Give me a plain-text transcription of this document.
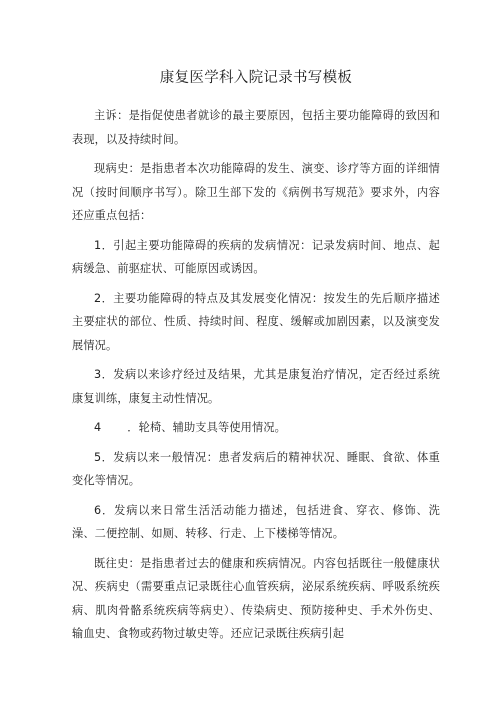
康复医学科入院记录书写模板

主诉：是指促使患者就诊的最主要原因，包括主要功能障碍的致因和表现，以及持续时间。

现病史：是指患者本次功能障碍的发生、演变、诊疗等方面的详细情况（按时间顺序书写）。除卫生部下发的《病例书写规范》要求外，内容还应重点包括：

1．引起主要功能障碍的疾病的发病情况：记录发病时间、地点、起病缓急、前驱症状、可能原因或诱因。

2．主要功能障碍的特点及其发展变化情况：按发生的先后顺序描述主要症状的部位、性质、持续时间、程度、缓解或加剧因素，以及演变发展情况。

3．发病以来诊疗经过及结果，尤其是康复治疗情况，定否经过系统康复训练，康复主动性情况。

4 ．轮椅、辅助支具等使用情况。

5．发病以来一般情况：患者发病后的精神状况、睡眠、食欲、体重变化等情况。

6．发病以来日常生活活动能力描述，包括进食、穿衣、修饰、洗澡、二便控制、如厕、转移、行走、上下楼梯等情况。

既往史：是指患者过去的健康和疾病情况。内容包括既往一般健康状况、疾病史（需要重点记录既往心血管疾病，泌尿系统疾病、呼吸系统疾病、肌肉骨骼系统疾病等病史）、传染病史、预防接种史、手术外伤史、输血史、食物或药物过敏史等。还应记录既往疾病引起
